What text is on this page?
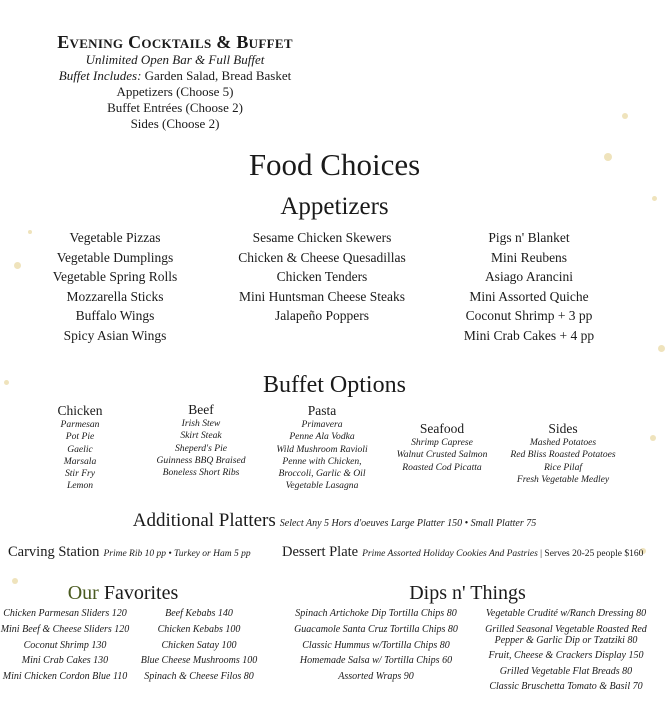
Evening Cocktails & Buffet
Unlimited Open Bar & Full Buffet
Buffet Includes: Garden Salad, Bread Basket
Appetizers (Choose 5)
Buffet Entrées (Choose 2)
Sides (Choose 2)
Food Choices
Appetizers
Vegetable Pizzas
Vegetable Dumplings
Vegetable Spring Rolls
Mozzarella Sticks
Buffalo Wings
Spicy Asian Wings
Sesame Chicken Skewers
Chicken & Cheese Quesadillas
Chicken Tenders
Mini Huntsman Cheese Steaks
Jalapeño Poppers
Pigs n' Blanket
Mini Reubens
Asiago Arancini
Mini Assorted Quiche
Coconut Shrimp + 3 pp
Mini Crab Cakes + 4 pp
Buffet Options
Chicken
Parmesan
Pot Pie
Gaelic
Marsala
Stir Fry
Lemon
Beef
Irish Stew
Skirt Steak
Sheperd's Pie
Guinness BBQ Braised
Boneless Short Ribs
Pasta
Primavera
Penne Ala Vodka
Wild Mushroom Ravioli
Penne with Chicken,
Broccoli, Garlic & Oil
Vegetable Lasagna
Seafood
Shrimp Caprese
Walnut Crusted Salmon
Roasted Cod Picatta
Sides
Mashed Potatoes
Red Bliss Roasted Potatoes
Rice Pilaf
Fresh Vegetable Medley
Additional Platters Select Any 5 Hors d'oeuves Large Platter 150 • Small Platter 75
Carving Station Prime Rib 10 pp • Turkey or Ham 5 pp Dessert Plate Prime Assorted Holiday Cookies And Pastries | Serves 20-25 people $160
Our Favorites
Chicken Parmesan Sliders 120
Mini Beef & Cheese Sliders 120
Coconut Shrimp 130
Mini Crab Cakes 130
Mini Chicken Cordon Blue 110
Beef Kebabs 140
Chicken Kebabs 100
Chicken Satay 100
Blue Cheese Mushrooms 100
Spinach & Cheese Filos 80
Dips n' Things
Spinach Artichoke Dip Tortilla Chips 80
Guacamole Santa Cruz Tortilla Chips 80
Classic Hummus w/Tortilla Chips 80
Homemade Salsa w/ Tortilla Chips 60
Assorted Wraps 90
Vegetable Crudité w/Ranch Dressing 80
Grilled Seasonal Vegetable Roasted Red Pepper & Garlic Dip or Tzatziki 80
Fruit, Cheese & Crackers Display 150
Grilled Vegetable Flat Breads 80
Classic Bruschetta Tomato & Basil 70
